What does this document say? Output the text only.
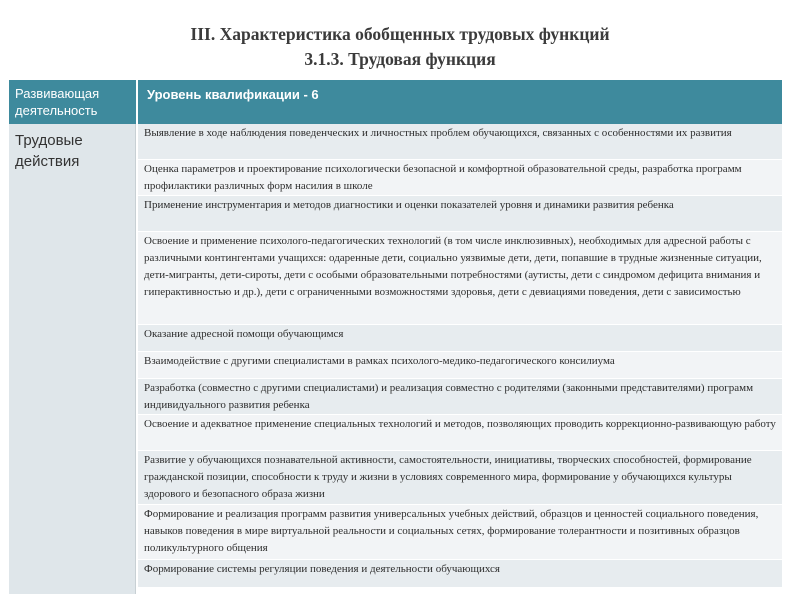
III. Характеристика обобщенных трудовых функций
3.1.3. Трудовая функция
Развивающая деятельность
Уровень квалификации - 6
Трудовые действия
Выявление в ходе наблюдения поведенческих и личностных проблем обучающихся, связанных с особенностями их развития
Оценка параметров и проектирование психологически безопасной и комфортной образовательной среды, разработка программ профилактики различных форм насилия в школе
Применение инструментария и методов диагностики и оценки показателей уровня и динамики развития ребенка
Освоение и применение психолого-педагогических технологий (в том числе инклюзивных), необходимых для адресной работы с различными контингентами учащихся: одаренные дети, социально уязвимые дети, дети, попавшие в трудные жизненные ситуации, дети-мигранты, дети-сироты, дети с особыми образовательными потребностями (аутисты, дети с синдромом дефицита внимания и гиперактивностью и др.), дети с ограниченными возможностями здоровья, дети с девиациями поведения, дети с зависимостью
Оказание адресной помощи обучающимся
Взаимодействие с другими специалистами в рамках психолого-медико-педагогического консилиума
Разработка (совместно с другими специалистами) и реализация совместно с родителями (законными представителями) программ индивидуального развития ребенка
Освоение и адекватное применение специальных технологий и методов, позволяющих проводить коррекционно-развивающую работу
Развитие у обучающихся познавательной активности, самостоятельности, инициативы, творческих способностей, формирование гражданской позиции, способности к труду и жизни в условиях современного мира, формирование у обучающихся культуры здорового и безопасного образа жизни
Формирование и реализация программ развития универсальных учебных действий, образцов и ценностей социального поведения, навыков поведения в мире виртуальной реальности и социальных сетях, формирование толерантности и позитивных образцов поликультурного общения
Формирование системы регуляции поведения и деятельности обучающихся
